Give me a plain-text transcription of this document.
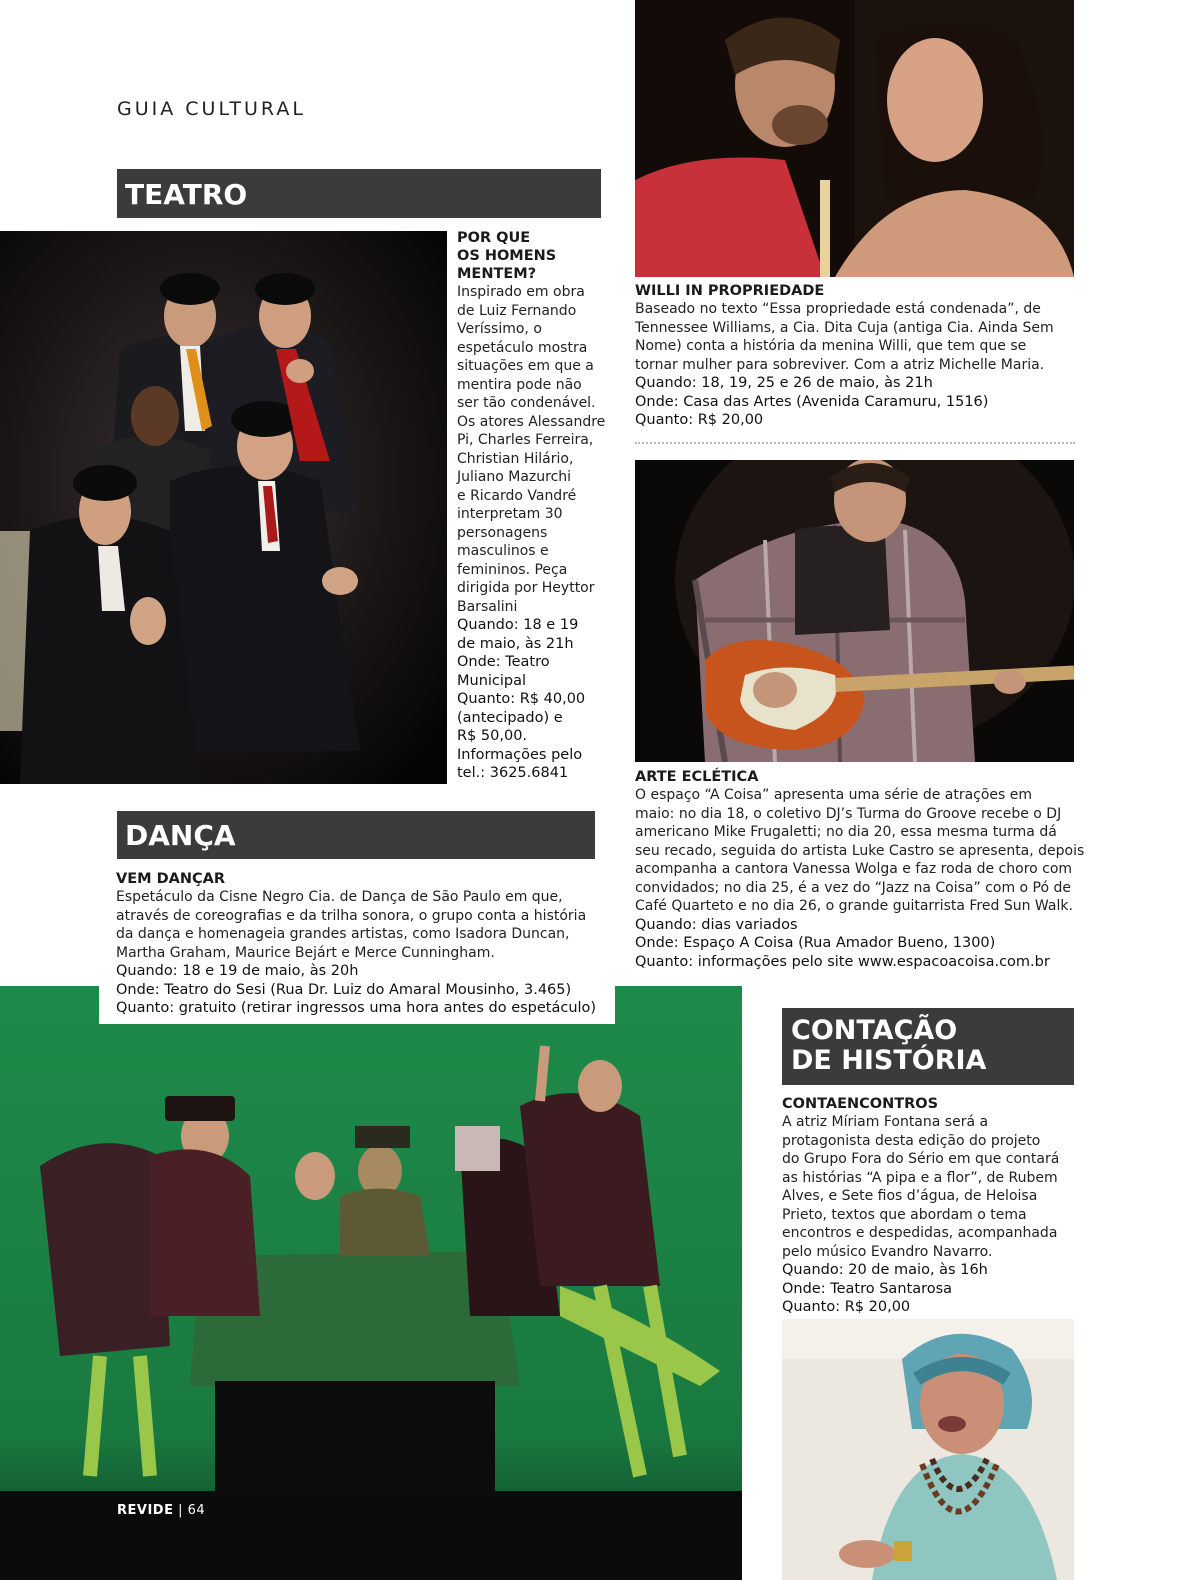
GUIA CULTURAL
TEATRO
POR QUE
OS HOMENS
MENTEM?
Inspirado em obra
de Luiz Fernando
Veríssimo, o
espetáculo mostra
situações em que a
mentira pode não
ser tão condenável.
Os atores Alessandre
Pi, Charles Ferreira,
Christian Hilário,
Juliano Mazurchi
e Ricardo Vandré
interpretam 30
personagens
masculinos e
femininos. Peça
dirigida por Heyttor
Barsalini
Quando: 18 e 19
de maio, às 21h
Onde: Teatro
Municipal
Quanto: R$ 40,00
(antecipado) e
R$ 50,00.
Informações pelo
tel.: 3625.6841
WILLI IN PROPRIEDADE
Baseado no texto “Essa propriedade está condenada”, de
Tennessee Williams, a Cia. Dita Cuja (antiga Cia. Ainda Sem
Nome) conta a história da menina Willi, que tem que se
tornar mulher para sobreviver. Com a atriz Michelle Maria.
Quando: 18, 19, 25 e 26 de maio, às 21h
Onde: Casa das Artes (Avenida Caramuru, 1516)
Quanto: R$ 20,00
ARTE ECLÉTICA
O espaço “A Coisa” apresenta uma série de atrações em
maio: no dia 18, o coletivo DJ’s Turma do Groove recebe o DJ
americano Mike Frugaletti; no dia 20, essa mesma turma dá
seu recado, seguida do artista Luke Castro se apresenta, depois
acompanha a cantora Vanessa Wolga e faz roda de choro com
convidados; no dia 25, é a vez do “Jazz na Coisa” com o Pó de
Café Quarteto e no dia 26, o grande guitarrista Fred Sun Walk.
Quando: dias variados
Onde: Espaço A Coisa (Rua Amador Bueno, 1300)
Quanto: informações pelo site www.espacoacoisa.com.br
DANÇA
VEM DANÇAR
Espetáculo da Cisne Negro Cia. de Dança de São Paulo em que,
através de coreografias e da trilha sonora, o grupo conta a história
da dança e homenageia grandes artistas, como Isadora Duncan,
Martha Graham, Maurice Bejárt e Merce Cunningham.
Quando: 18 e 19 de maio, às 20h
Onde: Teatro do Sesi (Rua Dr. Luiz do Amaral Mousinho, 3.465)
Quanto: gratuito (retirar ingressos uma hora antes do espetáculo)
CONTAÇÃO
DE HISTÓRIA
CONTAENCONTROS
A atriz Míriam Fontana será a
protagonista desta edição do projeto
do Grupo Fora do Sério em que contará
as histórias “A pipa e a flor”, de Rubem
Alves, e Sete fios d’água, de Heloisa
Prieto, textos que abordam o tema
encontros e despedidas, acompanhada
pelo músico Evandro Navarro.
Quando: 20 de maio, às 16h
Onde: Teatro Santarosa
Quanto: R$ 20,00
REVIDE | 64
